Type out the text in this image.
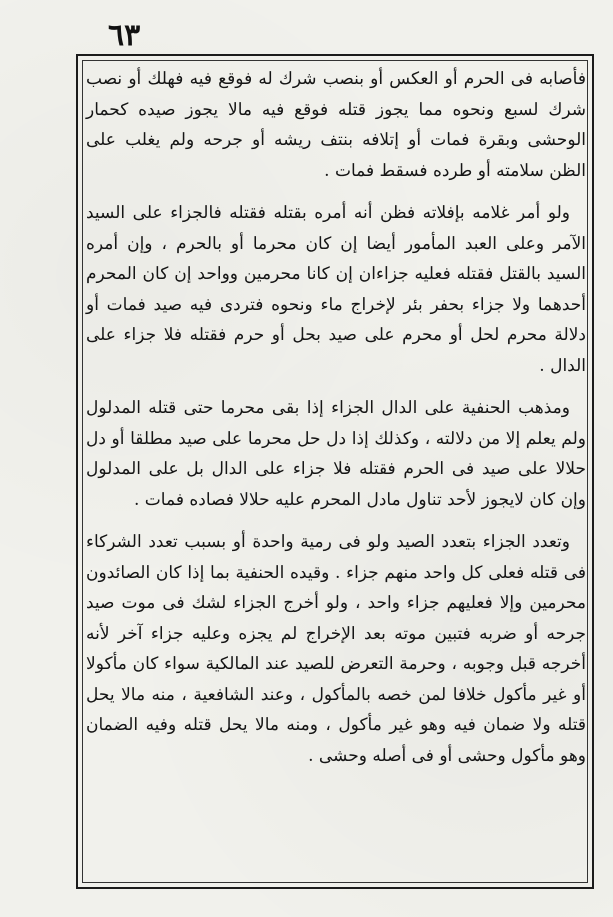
٦٣

فأصابه فى الحرم أو العكس أو بنصب شرك له فوقع فيه فهلك أو نصب شرك لسبع ونحوه مما يجوز قتله فوقع فيه مالا يجوز صيده كحمار الوحشى وبقرة فمات أو إتلافه بنتف ريشه أو جرحه ولم يغلب على الظن سلامته أو طرده فسقط فمات .

ولو أمر غلامه بإفلاته فظن أنه أمره بقتله فقتله فالجزاء على السيد الآمر وعلى العبد المأمور أيضا إن كان محرما أو بالحرم ، وإن أمره السيد بالقتل فقتله فعليه جزاءان إن كانا محرمين وواحد إن كان المحرم أحدهما ولا جزاء بحفر بئر لإخراج ماء ونحوه فتردى فيه صيد فمات أو دلالة محرم لحل أو محرم على صيد بحل أو حرم فقتله فلا جزاء على الدال .

ومذهب الحنفية على الدال الجزاء إذا بقى محرما حتى قتله المدلول ولم يعلم إلا من دلالته ، وكذلك إذا دل حل محرما على صيد مطلقا أو دل حلالا على صيد فى الحرم فقتله فلا جزاء على الدال بل على المدلول وإن كان لايجوز لأحد تناول مادل المحرم عليه حلالا فصاده فمات .

وتعدد الجزاء بتعدد الصيد ولو فى رمية واحدة أو بسبب تعدد الشركاء فى قتله فعلى كل واحد منهم جزاء . وقيده الحنفية بما إذا كان الصائدون محرمين وإلا فعليهم جزاء واحد ، ولو أخرج الجزاء لشك فى موت صيد جرحه أو ضربه فتبين موته بعد الإخراج لم يجزه وعليه جزاء آخر لأنه أخرجه قبل وجوبه ، وحرمة التعرض للصيد عند المالكية سواء كان مأكولا أو غير مأكول خلافا لمن خصه بالمأكول ، وعند الشافعية ، منه مالا يحل قتله ولا ضمان فيه وهو غير مأكول ، ومنه مالا يحل قتله وفيه الضمان وهو مأكول وحشى أو فى أصله وحشى .
